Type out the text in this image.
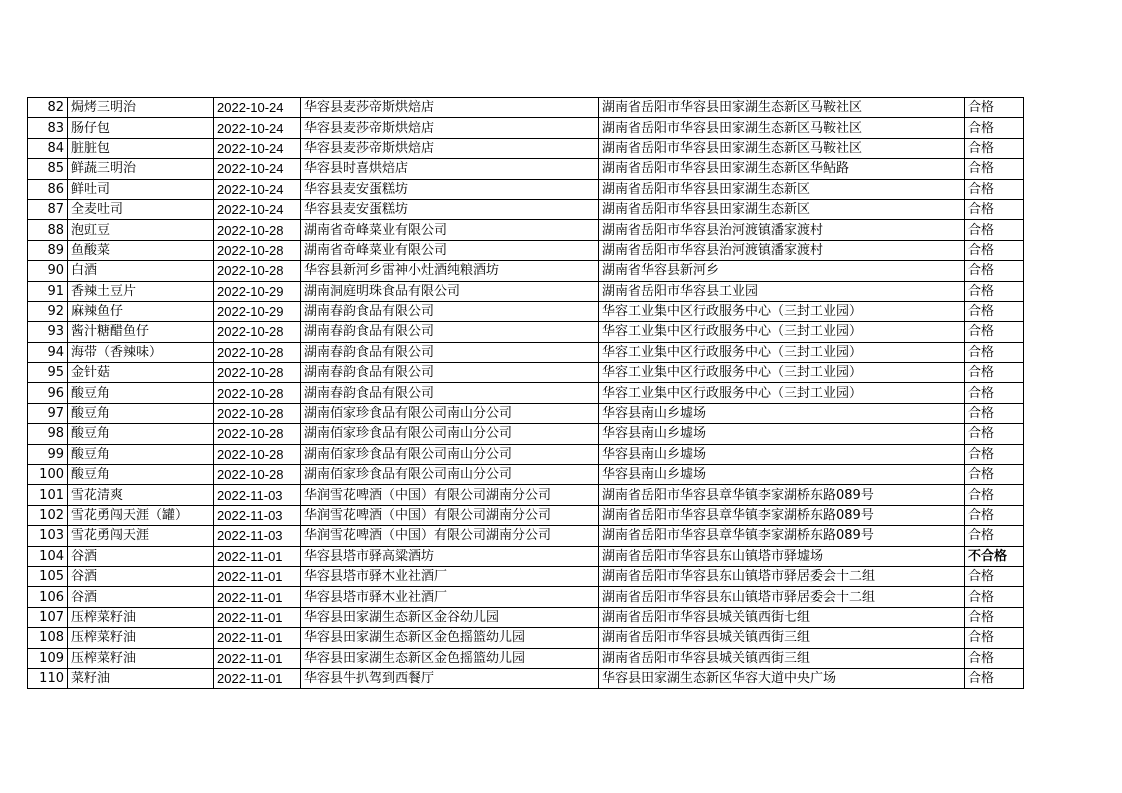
82	焗烤三明治	2022-10-24	华容县麦莎帝斯烘焙店	湖南省岳阳市华容县田家湖生态新区马鞍社区	合格
83	肠仔包	2022-10-24	华容县麦莎帝斯烘焙店	湖南省岳阳市华容县田家湖生态新区马鞍社区	合格
84	脏脏包	2022-10-24	华容县麦莎帝斯烘焙店	湖南省岳阳市华容县田家湖生态新区马鞍社区	合格
85	鲜蔬三明治	2022-10-24	华容县时喜烘焙店	湖南省岳阳市华容县田家湖生态新区华鲇路	合格
86	鲜吐司	2022-10-24	华容县麦安蛋糕坊	湖南省岳阳市华容县田家湖生态新区	合格
87	全麦吐司	2022-10-24	华容县麦安蛋糕坊	湖南省岳阳市华容县田家湖生态新区	合格
88	泡豇豆	2022-10-28	湖南省奇峰菜业有限公司	湖南省岳阳市华容县治河渡镇潘家渡村	合格
89	鱼酸菜	2022-10-28	湖南省奇峰菜业有限公司	湖南省岳阳市华容县治河渡镇潘家渡村	合格
90	白酒	2022-10-28	华容县新河乡雷神小灶酒纯粮酒坊	湖南省华容县新河乡	合格
91	香辣土豆片	2022-10-29	湖南洞庭明珠食品有限公司	湖南省岳阳市华容县工业园	合格
92	麻辣鱼仔	2022-10-29	湖南春韵食品有限公司	华容工业集中区行政服务中心（三封工业园）	合格
93	酱汁糖醋鱼仔	2022-10-28	湖南春韵食品有限公司	华容工业集中区行政服务中心（三封工业园）	合格
94	海带（香辣味）	2022-10-28	湖南春韵食品有限公司	华容工业集中区行政服务中心（三封工业园）	合格
95	金针菇	2022-10-28	湖南春韵食品有限公司	华容工业集中区行政服务中心（三封工业园）	合格
96	酸豆角	2022-10-28	湖南春韵食品有限公司	华容工业集中区行政服务中心（三封工业园）	合格
97	酸豆角	2022-10-28	湖南佰家珍食品有限公司南山分公司	华容县南山乡墟场	合格
98	酸豆角	2022-10-28	湖南佰家珍食品有限公司南山分公司	华容县南山乡墟场	合格
99	酸豆角	2022-10-28	湖南佰家珍食品有限公司南山分公司	华容县南山乡墟场	合格
100	酸豆角	2022-10-28	湖南佰家珍食品有限公司南山分公司	华容县南山乡墟场	合格
101	雪花清爽	2022-11-03	华润雪花啤酒（中国）有限公司湖南分公司	湖南省岳阳市华容县章华镇李家湖桥东路089号	合格
102	雪花勇闯天涯（罐）	2022-11-03	华润雪花啤酒（中国）有限公司湖南分公司	湖南省岳阳市华容县章华镇李家湖桥东路089号	合格
103	雪花勇闯天涯	2022-11-03	华润雪花啤酒（中国）有限公司湖南分公司	湖南省岳阳市华容县章华镇李家湖桥东路089号	合格
104	谷酒	2022-11-01	华容县塔市驿高粱酒坊	湖南省岳阳市华容县东山镇塔市驿墟场	不合格
105	谷酒	2022-11-01	华容县塔市驿木业社酒厂	湖南省岳阳市华容县东山镇塔市驿居委会十二组	合格
106	谷酒	2022-11-01	华容县塔市驿木业社酒厂	湖南省岳阳市华容县东山镇塔市驿居委会十二组	合格
107	压榨菜籽油	2022-11-01	华容县田家湖生态新区金谷幼儿园	湖南省岳阳市华容县城关镇西街七组	合格
108	压榨菜籽油	2022-11-01	华容县田家湖生态新区金色摇篮幼儿园	湖南省岳阳市华容县城关镇西街三组	合格
109	压榨菜籽油	2022-11-01	华容县田家湖生态新区金色摇篮幼儿园	湖南省岳阳市华容县城关镇西街三组	合格
110	菜籽油	2022-11-01	华容县牛扒驾到西餐厅	华容县田家湖生态新区华容大道中央广场	合格
